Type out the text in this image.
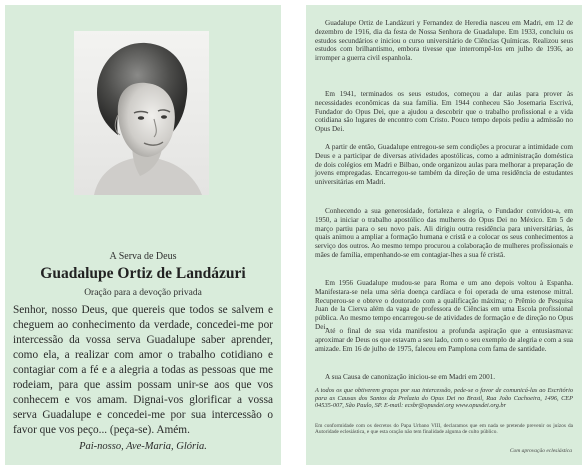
A Serva de Deus
Guadalupe Ortiz de Landázuri
Oração para a devoção privada
Senhor, nosso Deus, que quereis que todos se salvem e cheguem ao conhecimento da verdade, concedei-me por intercessão da vossa serva Guadalupe saber aprender, como ela, a realizar com amor o trabalho cotidiano e contagiar com a fé e a alegria a todas as pessoas que me rodeiam, para que assim possam unir-se aos que vos conhecem e vos amam. Dignai-vos glorificar a vossa serva Guadalupe e concedei-me por sua intercessão o favor que vos peço... (peça-se). Amém.
Pai-nosso, Ave-Maria, Glória.

Guadalupe Ortiz de Landázuri y Fernandez de Heredia nasceu em Madri, em 12 de dezembro de 1916, dia da festa de Nossa Senhora de Guadalupe. Em 1933, concluiu os estudos secundários e iniciou o curso universitário de Ciências Químicas. Realizou seus estudos com brilhantismo, embora tivesse que interrompê-los em julho de 1936, ao irromper a guerra civil espanhola.

Em 1941, terminados os seus estudos, começou a dar aulas para prover às necessidades econômicas da sua família. Em 1944 conheceu São Josemaria Escrivá, Fundador do Opus Dei, que a ajudou a descobrir que o trabalho profissional e a vida cotidiana são lugares de encontro com Cristo. Pouco tempo depois pediu a admissão no Opus Dei.

A partir de então, Guadalupe entregou-se sem condições a procurar a intimidade com Deus e a participar de diversas atividades apostólicas, como a administração doméstica de dois colégios em Madri e Bilbao, onde organizou aulas para melhorar a preparação de jovens empregadas. Encarregou-se também da direção de uma residência de estudantes universitárias em Madri.

Conhecendo a sua generosidade, fortaleza e alegria, o Fundador convidou-a, em 1950, a iniciar o trabalho apostólico das mulheres do Opus Dei no México. Em 5 de março partiu para o seu novo país. Ali dirigiu outra residência para universitárias, às quais animou a ampliar a formação humana e cristã e a colocar os seus conhecimentos a serviço dos outros. Ao mesmo tempo procurou a colaboração de mulheres profissionais e mães de família, empenhando-se em contagiar-lhes a sua fé cristã.

Em 1956 Guadalupe mudou-se para Roma e um ano depois voltou à Espanha. Manifestara-se nela uma séria doença cardíaca e foi operada de uma estenose mitral. Recuperou-se e obteve o doutorado com a qualificação máxima; o Prêmio de Pesquisa Juan de la Cierva além da vaga de professora de Ciências em uma Escola profissional pública. Ao mesmo tempo encarregou-se de atividades de formação e de direção no Opus Dei.

Até o final de sua vida manifestou a profunda aspiração que a entusiasmava: aproximar de Deus os que estavam a seu lado, com o seu exemplo de alegria e com a sua amizade. Em 16 de julho de 1975, faleceu em Pamplona com fama de santidade.

A sua Causa de canonização iniciou-se em Madri em 2001.

A todos os que obtiverem graças por sua intercessão, pede-se o favor de comunicá-las ao Escritório para as Causas dos Santos da Prelazia do Opus Dei no Brasil, Rua João Cachoeira, 1496, CEP 04535-007, São Paulo, SP. E-mail: ecsbr@opusdei.org www.opusdei.org.br

Em conformidade com os decretos do Papa Urbano VIII, declaramos que em nada se pretende prevenir os juízos da Autoridade eclesiástica, e que esta oração não tem finalidade alguma de culto público.

Com aprovação eclesiástica
